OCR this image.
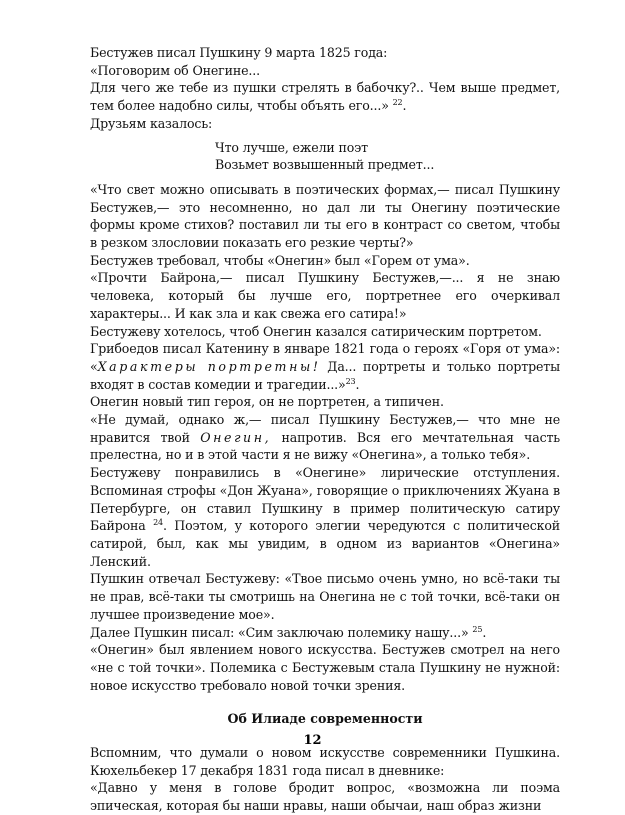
Бестужев писал Пушкину 9 марта 1825 года:

«Поговорим об Онегине...

Для чего же тебе из пушки стрелять в бабочку?.. Чем выше предмет, тем более надобно силы, чтобы объять его...» $^{22}$.

Друзьям казалось:

Что лучше, ежели поэт
Возьмет возвышенный предмет...

«Что свет можно описывать в поэтических формах,— писал Пушкину Бестужев,— это несомненно, но дал ли ты Онегину поэтические формы кроме стихов? поставил ли ты его в контраст со светом, чтобы в резком злословии показать его резкие черты?»

Бестужев требовал, чтобы «Онегин» был «Горем от ума».

«Прочти Байрона,— писал Пушкину Бестужев,—... я не знаю человека, который бы лучше его, портретнее его очеркивал характеры... И как зла и как свежа его сатира!»

Бестужеву хотелось, чтоб Онегин казался сатирическим портретом.

Грибоедов писал Катенину в январе 1821 года о героях «Горя от ума»: «Характеры портретны! Да... портреты и только портреты входят в состав комедии и трагедии...»$^{23}$.

Онегин новый тип героя, он не портретен, а типичен.

«Не думай, однако ж,— писал Пушкину Бестужев,— что мне не нравится твой Онегин, напротив. Вся его мечтательная часть прелестна, но и в этой части я не вижу «Онегина», а только тебя».

Бестужеву понравились в «Онегине» лирические отступления. Вспоминая строфы «Дон Жуана», говорящие о приключениях Жуана в Петербурге, он ставил Пушкину в пример политическую сатиру Байрона $^{24}$. Поэтом, у которого элегии чередуются с политической сатирой, был, как мы увидим, в одном из вариантов «Онегина» Ленский.

Пушкин отвечал Бестужеву: «Твое письмо очень умно, но всё-таки ты не прав, всё-таки ты смотришь на Онегина не с той точки, всё-таки он лучшее произведение мое».

Далее Пушкин писал: «Сим заключаю полемику нашу...» $^{25}$.

«Онегин» был явлением нового искусства. Бестужев смотрел на него «не с той точки». Полемика с Бестужевым стала Пушкину не нужной: новое искусство требовало новой точки зрения.

Об Илиаде современности

Вспомним, что думали о новом искусстве современники Пушкина. Кюхельбекер 17 декабря 1831 года писал в дневнике:

«Давно у меня в голове бродит вопрос, «возможна ли поэма эпическая, которая бы наши нравы, наши обычаи, наш образ жизни

12
